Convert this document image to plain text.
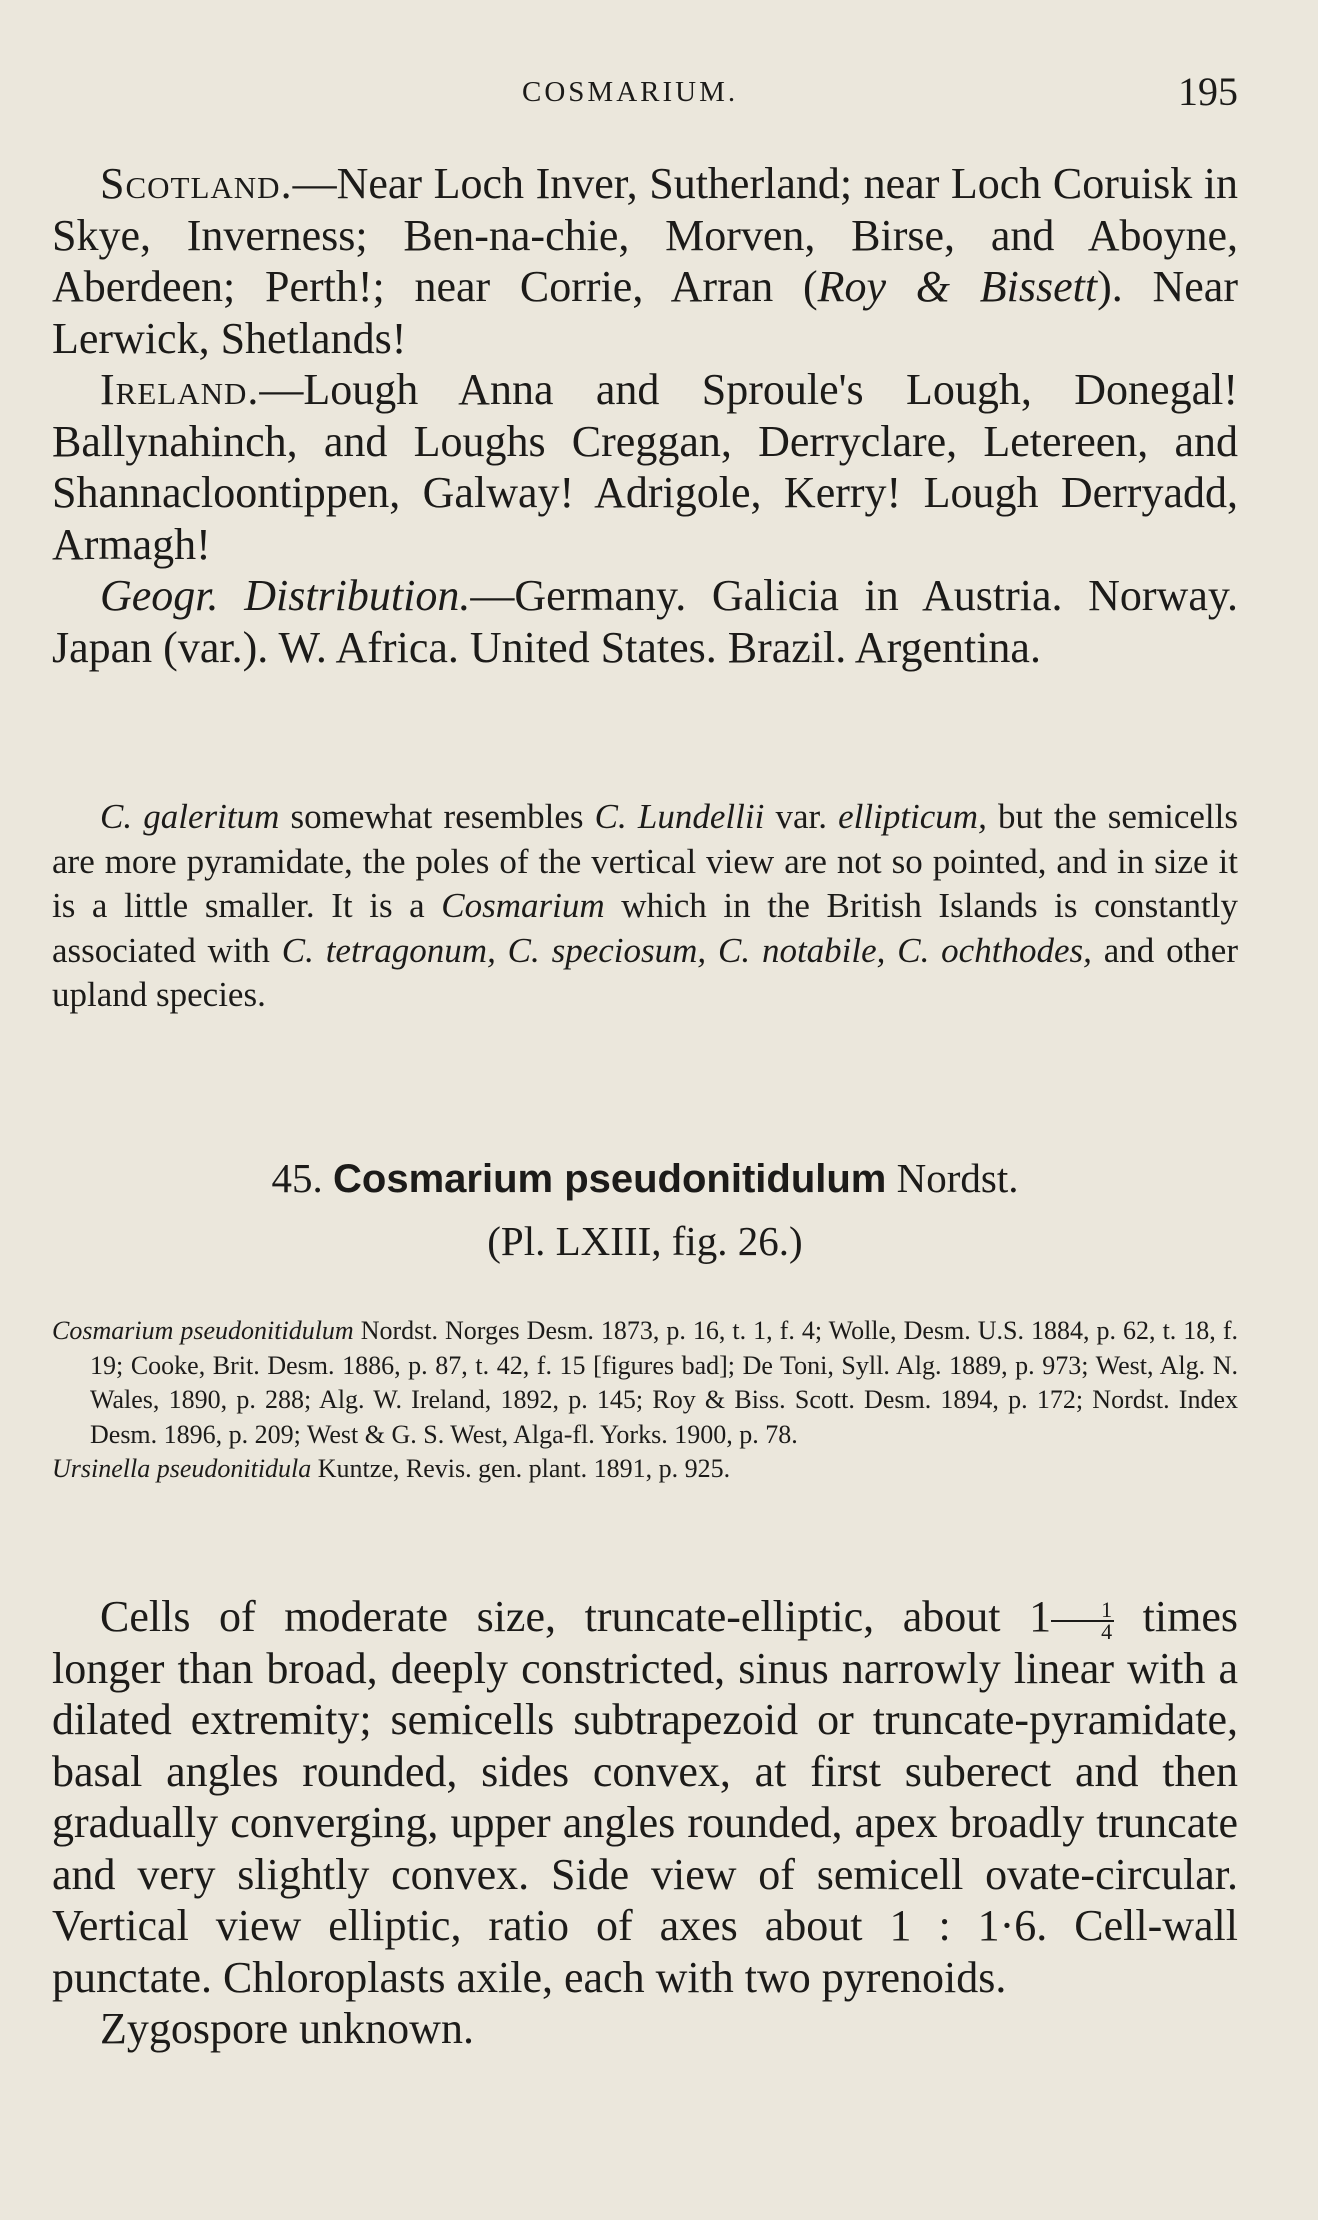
COSMARIUM.	195

Scotland.—Near Loch Inver, Sutherland; near Loch Coruisk in Skye, Inverness; Ben-na-chie, Morven, Birse, and Aboyne, Aberdeen; Perth!; near Corrie, Arran (Roy & Bissett). Near Lerwick, Shetlands!

Ireland.—Lough Anna and Sproule's Lough, Donegal! Ballynahinch, and Loughs Creggan, Derryclare, Letereen, and Shannacloontippen, Galway! Adrigole, Kerry! Lough Derryadd, Armagh!

Geogr. Distribution.—Germany. Galicia in Austria. Norway. Japan (var.). W. Africa. United States. Brazil. Argentina.

C. galeritum somewhat resembles C. Lundellii var. ellipticum, but the semicells are more pyramidate, the poles of the vertical view are not so pointed, and in size it is a little smaller. It is a Cosmarium which in the British Islands is constantly associated with C. tetragonum, C. speciosum, C. notabile, C. ochthodes, and other upland species.

45. Cosmarium pseudonitidulum Nordst.

(Pl. LXIII, fig. 26.)

Cosmarium pseudonitidulum Nordst. Norges Desm. 1873, p. 16, t. 1, f. 4; Wolle, Desm. U.S. 1884, p. 62, t. 18, f. 19; Cooke, Brit. Desm. 1886, p. 87, t. 42, f. 15 [figures bad]; De Toni, Syll. Alg. 1889, p. 973; West, Alg. N. Wales, 1890, p. 288; Alg. W. Ireland, 1892, p. 145; Roy & Biss. Scott. Desm. 1894, p. 172; Nordst. Index Desm. 1896, p. 209; West & G. S. West, Alga-fl. Yorks. 1900, p. 78.

Ursinella pseudonitidula Kuntze, Revis. gen. plant. 1891, p. 925.

Cells of moderate size, truncate-elliptic, about $1 \frac{1}{4}$ times longer than broad, deeply constricted, sinus narrowly linear with a dilated extremity; semicells subtrapezoid or truncate-pyramidate, basal angles rounded, sides convex, at first suberect and then gradually converging, upper angles rounded, apex broadly truncate and very slightly convex. Side view of semicell ovate-circular. Vertical view elliptic, ratio of axes about 1 : 1·6. Cell-wall punctate. Chloroplasts axile, each with two pyrenoids.

Zygospore unknown.
